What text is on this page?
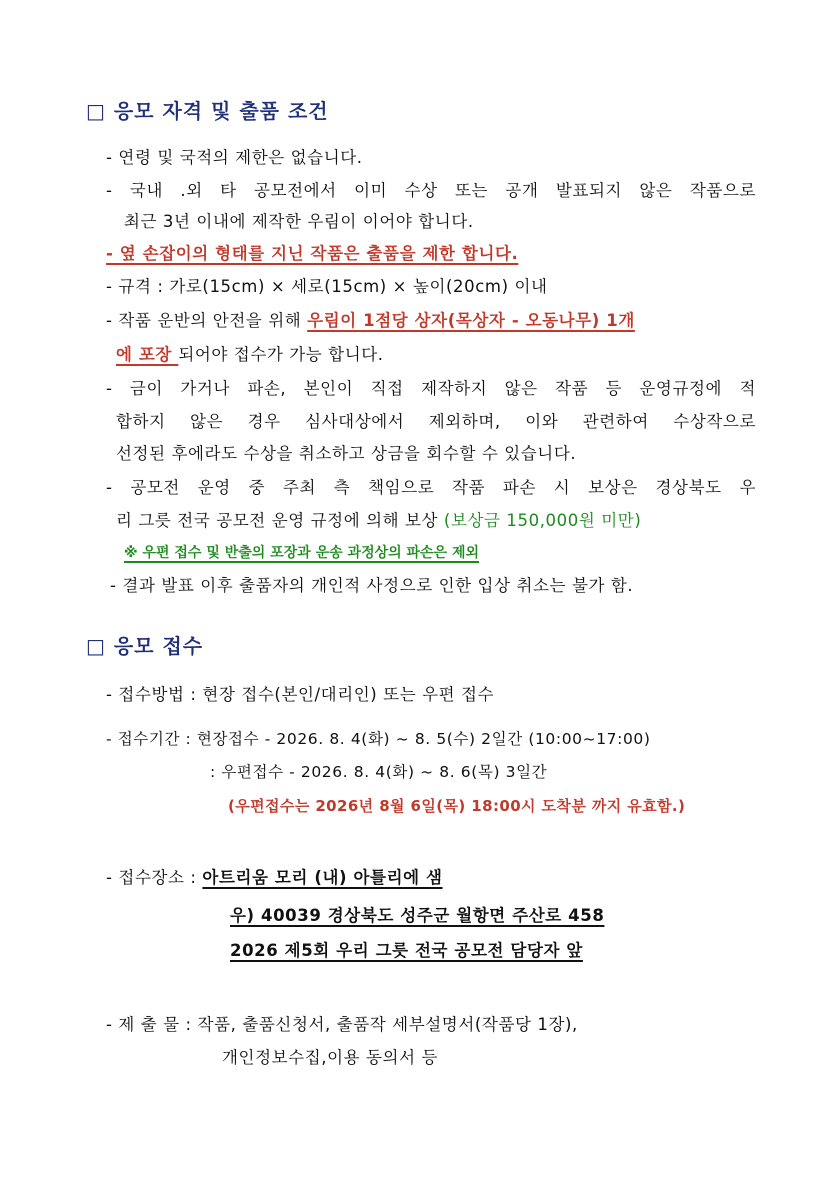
□ 응모 자격 및 출품 조건
- 연령 및 국적의 제한은 없습니다.
- 국내 .외 타 공모전에서 이미 수상 또는 공개 발표되지 않은 작품으로
최근 3년 이내에 제작한 우림이 이어야 합니다.
- 옆 손잡이의 형태를 지닌 작품은 출품을 제한 합니다.
- 규격 : 가로(15cm) × 세로(15cm) × 높이(20cm) 이내
- 작품 운반의 안전을 위해 우림이 1점당 상자(목상자 - 오동나무) 1개
에 포장 되어야 접수가 가능 합니다.
- 금이 가거나 파손, 본인이 직접 제작하지 않은 작품 등 운영규정에 적
합하지 않은 경우 심사대상에서 제외하며, 이와 관련하여 수상작으로
선정된 후에라도 수상을 취소하고 상금을 회수할 수 있습니다.
- 공모전 운영 중 주최 측 책임으로 작품 파손 시 보상은 경상북도 우
리 그릇 전국 공모전 운영 규정에 의해 보상 (보상금 150,000원 미만)
※ 우편 접수 및 반출의 포장과 운송 과정상의 파손은 제외
- 결과 발표 이후 출품자의 개인적 사정으로 인한 입상 취소는 불가 함.
□ 응모 접수
- 접수방법 : 현장 접수(본인/대리인) 또는 우편 접수
- 접수기간 : 현장접수 - 2026. 8. 4(화) ~ 8. 5(수) 2일간 (10:00~17:00)
: 우편접수 - 2026. 8. 4(화) ~ 8. 6(목) 3일간
(우편접수는 2026년 8월 6일(목) 18:00시 도착분 까지 유효함.)
- 접수장소 : 아트리움 모리 (내) 아틀리에 샘
우) 40039 경상북도 성주군 월항면 주산로 458
2026 제5회 우리 그릇 전국 공모전 담당자 앞
- 제 출 물 : 작품, 출품신청서, 출품작 세부설명서(작품당 1장),
개인정보수집,이용 동의서 등
